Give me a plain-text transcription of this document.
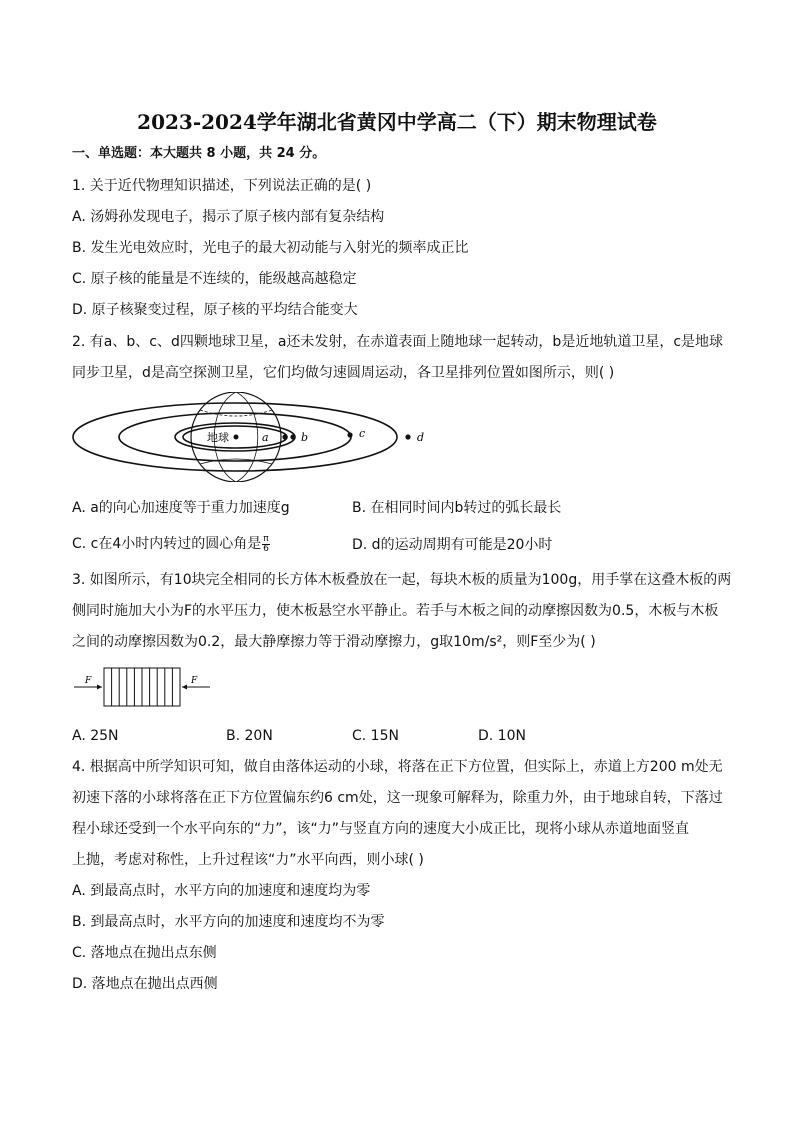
2023-2024学年湖北省黄冈中学高二（下）期末物理试卷
一、单选题：本大题共 8 小题，共 24 分。
1. 关于近代物理知识描述，下列说法正确的是( )
A. 汤姆孙发现电子，揭示了原子核内部有复杂结构
B. 发生光电效应时，光电子的最大初动能与入射光的频率成正比
C. 原子核的能量是不连续的，能级越高越稳定
D. 原子核聚变过程，原子核的平均结合能变大
2. 有a、b、c、d四颗地球卫星，a还未发射，在赤道表面上随地球一起转动，b是近地轨道卫星，c是地球
同步卫星，d是高空探测卫星，它们均做匀速圆周运动，各卫星排列位置如图所示，则( )
地球	a	b	c	d
A. a的向心加速度等于重力加速度g	B. 在相同时间内b转过的弧长最长
C. c在4小时内转过的圆心角是 $\frac{\pi}{6}$	D. d的运动周期有可能是20小时
3. 如图所示，有10块完全相同的长方体木板叠放在一起，每块木板的质量为100g，用手掌在这叠木板的两
侧同时施加大小为F的水平压力，使木板悬空水平静止。若手与木板之间的动摩擦因数为0.5，木板与木板
之间的动摩擦因数为0.2，最大静摩擦力等于滑动摩擦力，g取10m/s²，则F至少为( )
F	F
A. 25N	B. 20N	C. 15N	D. 10N
4. 根据高中所学知识可知，做自由落体运动的小球，将落在正下方位置，但实际上，赤道上方200 m处无
初速下落的小球将落在正下方位置偏东约6 cm处，这一现象可解释为，除重力外，由于地球自转，下落过
程小球还受到一个水平向东的“力”，该“力”与竖直方向的速度大小成正比，现将小球从赤道地面竖直
上抛，考虑对称性，上升过程该“力”水平向西，则小球( )
A. 到最高点时，水平方向的加速度和速度均为零
B. 到最高点时，水平方向的加速度和速度均不为零
C. 落地点在抛出点东侧
D. 落地点在抛出点西侧
